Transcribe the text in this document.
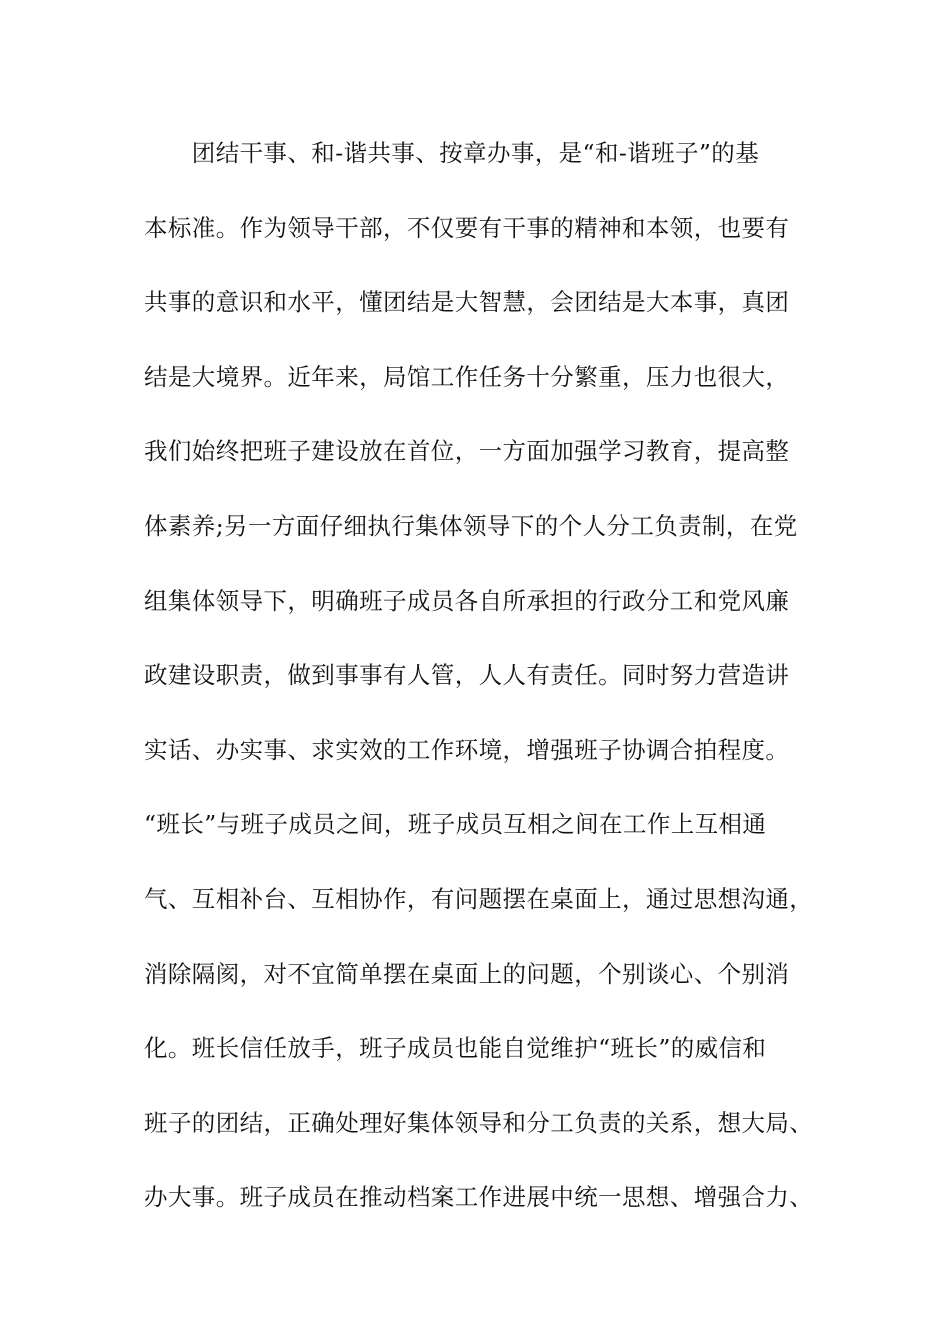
　　团结干事、和-谐共事、按章办事，是“和-谐班子”的基
本标准。作为领导干部，不仅要有干事的精神和本领，也要有
共事的意识和水平，懂团结是大智慧，会团结是大本事，真团
结是大境界。近年来，局馆工作任务十分繁重，压力也很大，
我们始终把班子建设放在首位，一方面加强学习教育，提高整
体素养;另一方面仔细执行集体领导下的个人分工负责制，在党
组集体领导下，明确班子成员各自所承担的行政分工和党风廉
政建设职责，做到事事有人管，人人有责任。同时努力营造讲
实话、办实事、求实效的工作环境，增强班子协调合拍程度。
“班长”与班子成员之间，班子成员互相之间在工作上互相通
气、互相补台、互相协作，有问题摆在桌面上，通过思想沟通，
消除隔阂，对不宜简单摆在桌面上的问题，个别谈心、个别消
化。班长信任放手，班子成员也能自觉维护“班长”的威信和
班子的团结，正确处理好集体领导和分工负责的关系，想大局、
办大事。班子成员在推动档案工作进展中统一思想、增强合力、
